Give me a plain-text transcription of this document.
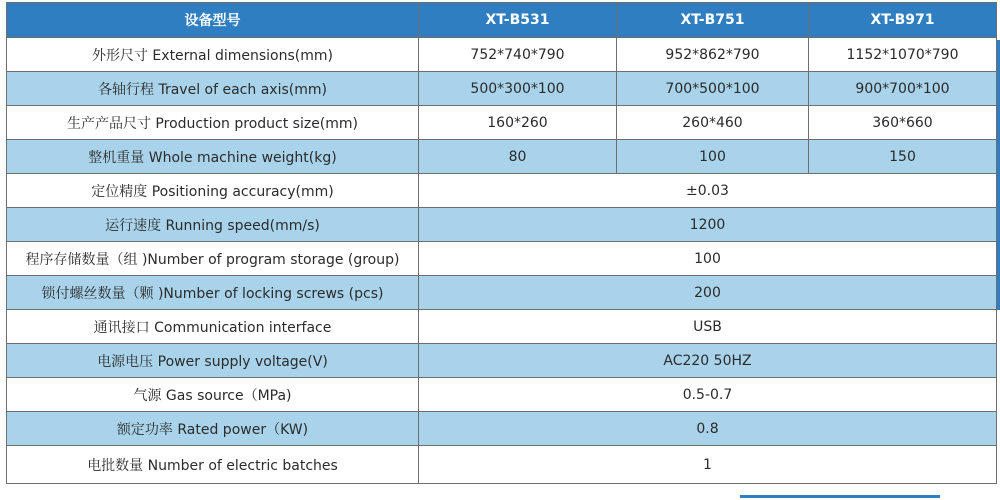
设备型号	XT-B531	XT-B751	XT-B971
外形尺寸 External dimensions(mm)	752*740*790	952*862*790	1152*1070*790
各轴行程 Travel of each axis(mm)	500*300*100	700*500*100	900*700*100
生产产品尺寸 Production product size(mm)	160*260	260*460	360*660
整机重量 Whole machine weight(kg)	80	100	150
定位精度 Positioning accuracy(mm)	±0.03		
运行速度 Running speed(mm/s)	1200		
程序存储数量（组 )Number of program storage (group)	100		
锁付螺丝数量（颗 )Number of locking screws (pcs)	200		
通讯接口 Communication interface	USB		
电源电压 Power supply voltage(V)	AC220 50HZ		
气源 Gas source（MPa)	0.5-0.7		
额定功率 Rated power（KW)	0.8		
电批数量 Number of electric batches	1		
